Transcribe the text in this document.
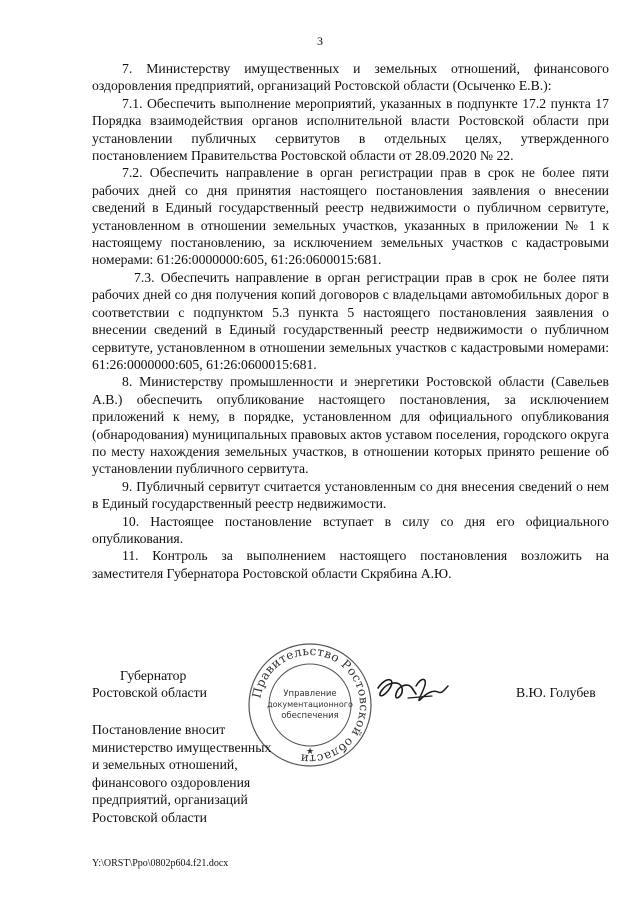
3

7. Министерству имущественных и земельных отношений, финансового оздоровления предприятий, организаций Ростовской области (Осыченко Е.В.):

7.1. Обеспечить выполнение мероприятий, указанных в подпункте 17.2 пункта 17 Порядка взаимодействия органов исполнительной власти Ростовской области при установлении публичных сервитутов в отдельных целях, утвержденного постановлением Правительства Ростовской области от 28.09.2020 № 22.

7.2. Обеспечить направление в орган регистрации прав в срок не более пяти рабочих дней со дня принятия настоящего постановления заявления о внесении сведений в Единый государственный реестр недвижимости о публичном сервитуте, установленном в отношении земельных участков, указанных в приложении № 1 к настоящему постановлению, за исключением земельных участков с кадастровыми номерами: 61:26:0000000:605, 61:26:0600015:681.

7.3. Обеспечить направление в орган регистрации прав в срок не более пяти рабочих дней со дня получения копий договоров с владельцами автомобильных дорог в соответствии с подпунктом 5.3 пункта 5 настоящего постановления заявления о внесении сведений в Единый государственный реестр недвижимости о публичном сервитуте, установленном в отношении земельных участков с кадастровыми номерами: 61:26:0000000:605, 61:26:0600015:681.

8. Министерству промышленности и энергетики Ростовской области (Савельев А.В.) обеспечить опубликование настоящего постановления, за исключением приложений к нему, в порядке, установленном для официального опубликования (обнародования) муниципальных правовых актов уставом поселения, городского округа по месту нахождения земельных участков, в отношении которых принято решение об установлении публичного сервитута.

9. Публичный сервитут считается установленным со дня внесения сведений о нем в Единый государственный реестр недвижимости.

10. Настоящее постановление вступает в силу со дня его официального опубликования.

11. Контроль за выполнением настоящего постановления возложить на заместителя Губернатора Ростовской области Скрябина А.Ю.

Губернатор
Ростовской области	Правительство Ростовской области
Управление
документационного
обеспечения
★
В.Ю. Голубев
Постановление вносит
министерство имущественных
и земельных отношений,
финансового оздоровления
предприятий, организаций
Ростовской области
Y:\ORST\Ppo\0802p604.f21.docx
